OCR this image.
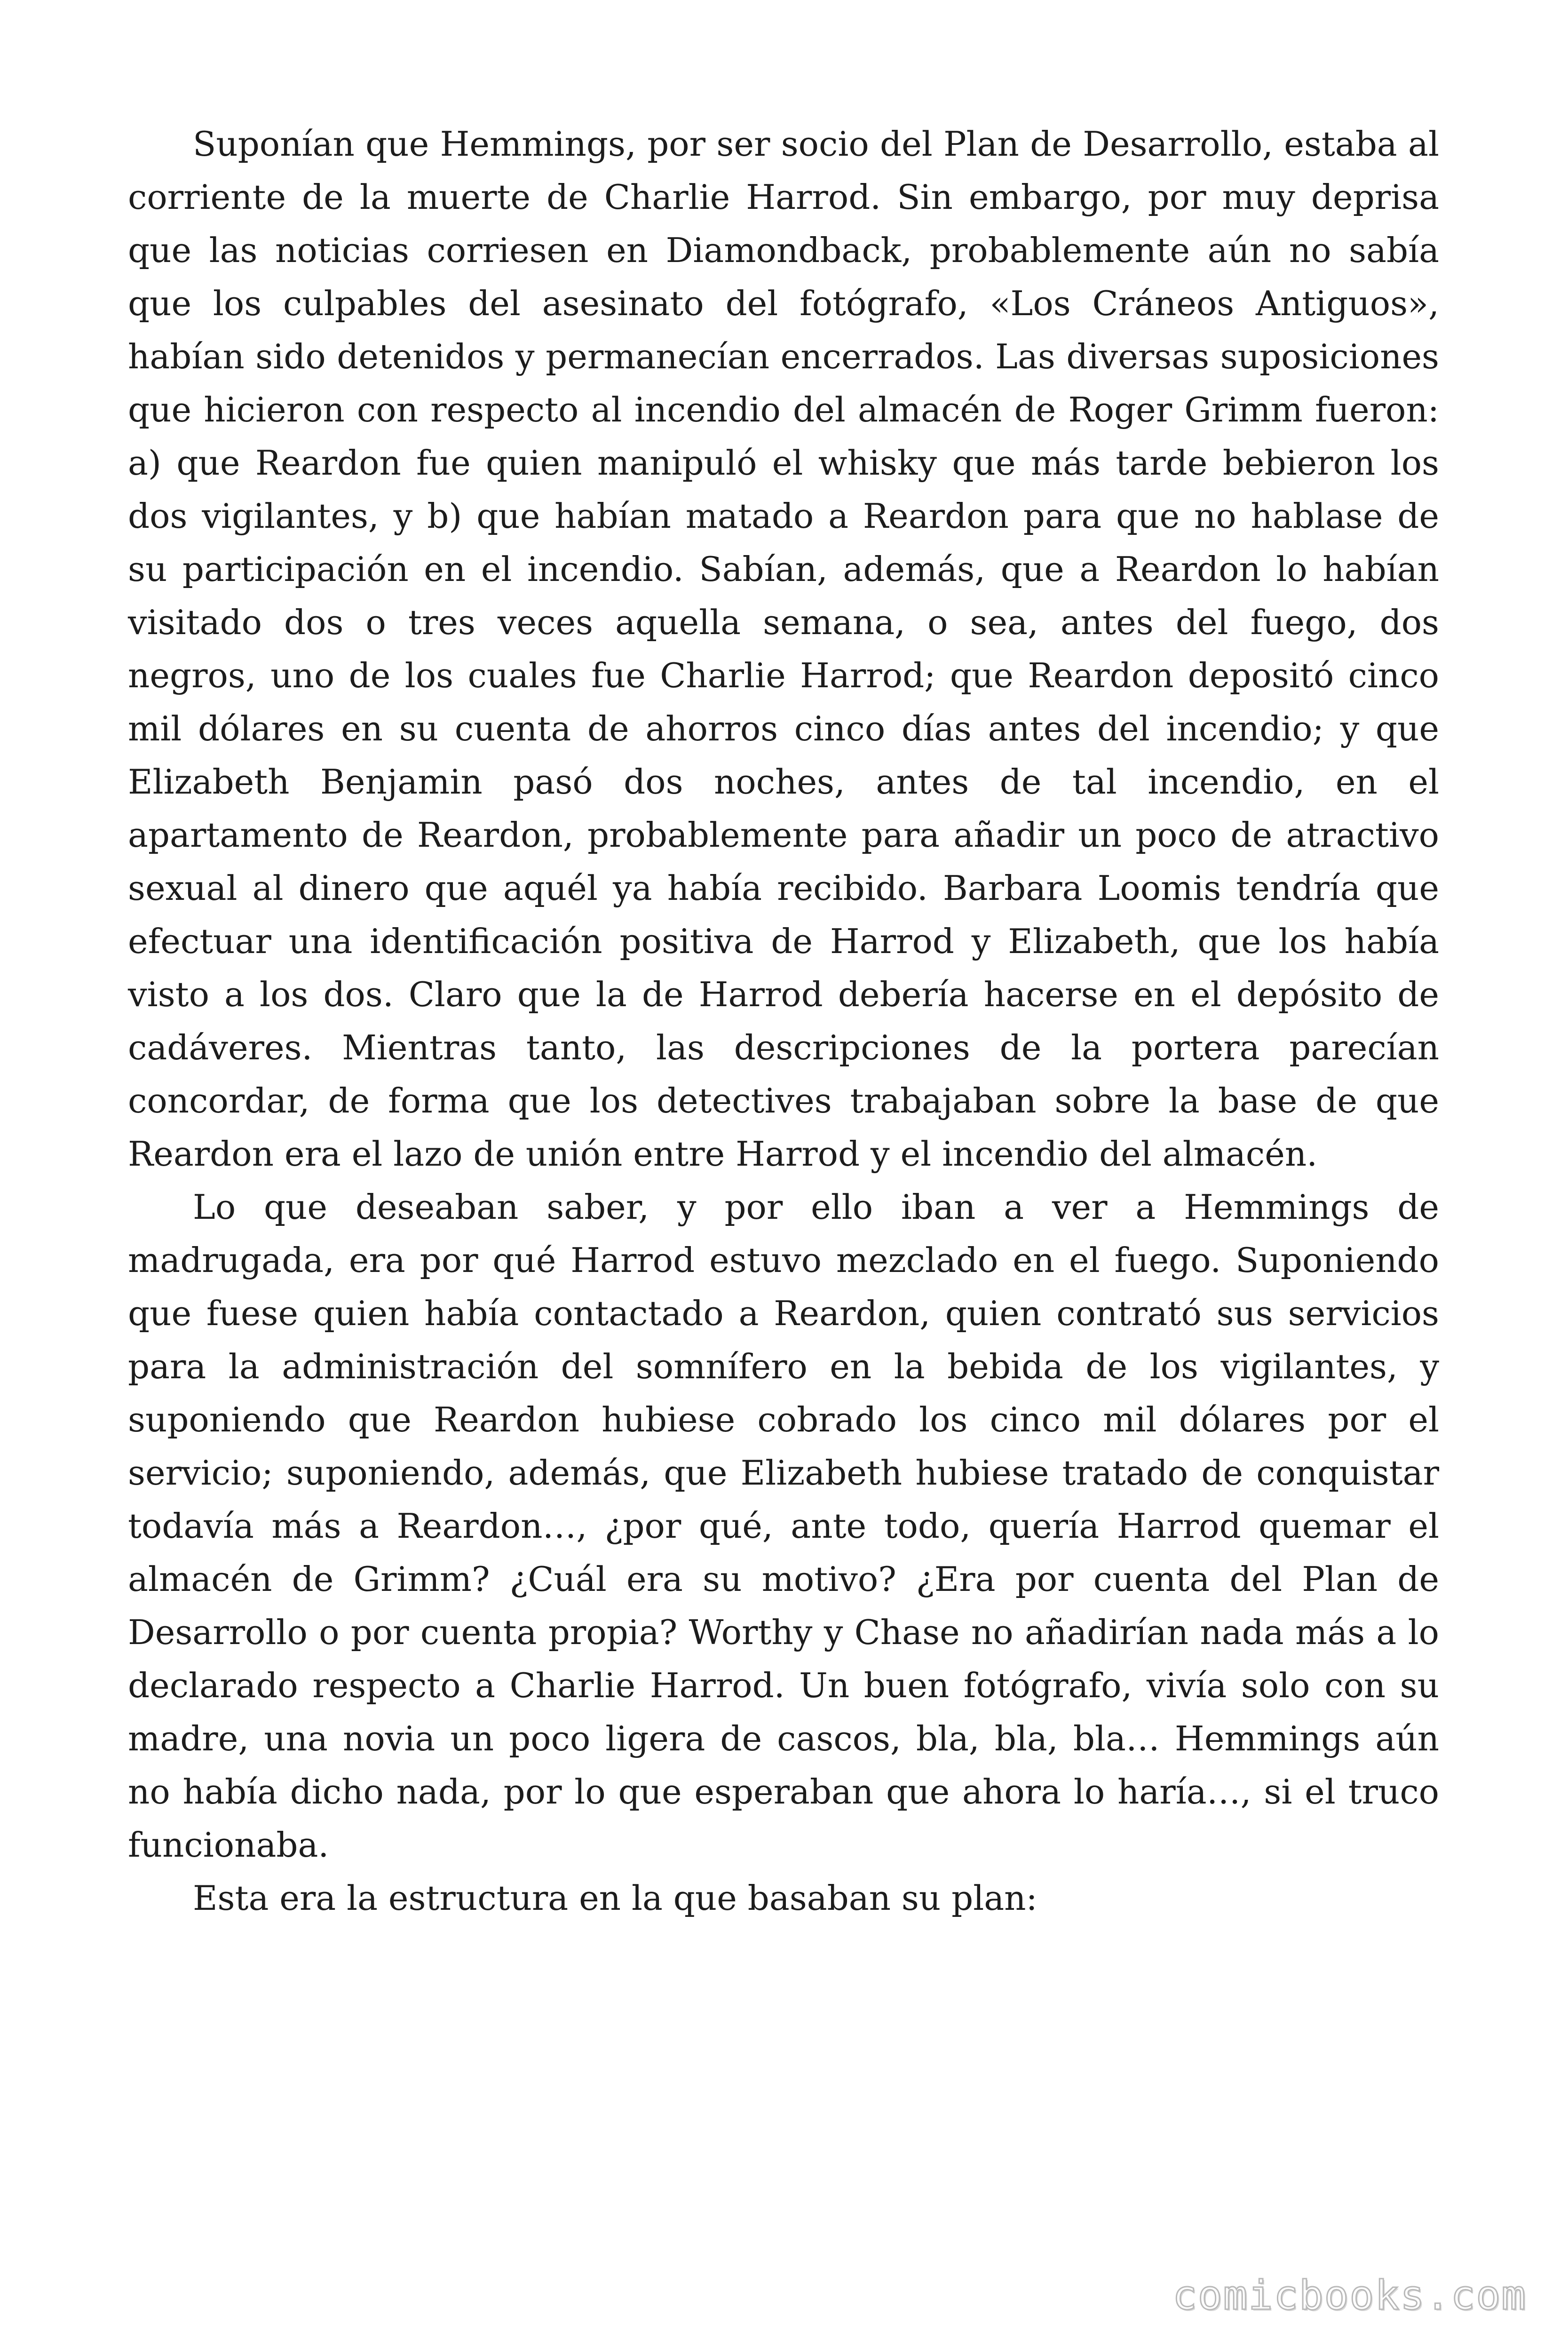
Suponían que Hemmings, por ser socio del Plan de Desarrollo, estaba al corriente de la muerte de Charlie Harrod. Sin embargo, por muy deprisa que las noticias corriesen en Diamondback, probablemente aún no sabía que los culpables del asesinato del fotógrafo, «Los Cráneos Antiguos», habían sido detenidos y permanecían encerrados. Las diversas suposiciones que hicieron con respecto al incendio del almacén de Roger Grimm fueron: a) que Reardon fue quien manipuló el whisky que más tarde bebieron los dos vigilantes, y b) que habían matado a Reardon para que no hablase de su participación en el incendio. Sabían, además, que a Reardon lo habían visitado dos o tres veces aquella semana, o sea, antes del fuego, dos negros, uno de los cuales fue Charlie Harrod; que Reardon depositó cinco mil dólares en su cuenta de ahorros cinco días antes del incendio; y que Elizabeth Benjamin pasó dos noches, antes de tal incendio, en el apartamento de Reardon, probablemente para añadir un poco de atractivo sexual al dinero que aquél ya había recibido. Barbara Loomis tendría que efectuar una identificación positiva de Harrod y Elizabeth, que los había visto a los dos. Claro que la de Harrod debería hacerse en el depósito de cadáveres. Mientras tanto, las descripciones de la portera parecían concordar, de forma que los detectives trabajaban sobre la base de que Reardon era el lazo de unión entre Harrod y el incendio del almacén.

Lo que deseaban saber, y por ello iban a ver a Hemmings de madrugada, era por qué Harrod estuvo mezclado en el fuego. Suponiendo que fuese quien había contactado a Reardon, quien contrató sus servicios para la administración del somnífero en la bebida de los vigilantes, y suponiendo que Reardon hubiese cobrado los cinco mil dólares por el servicio; suponiendo, además, que Elizabeth hubiese tratado de conquistar todavía más a Reardon…, ¿por qué, ante todo, quería Harrod quemar el almacén de Grimm? ¿Cuál era su motivo? ¿Era por cuenta del Plan de Desarrollo o por cuenta propia? Worthy y Chase no añadirían nada más a lo declarado respecto a Charlie Harrod. Un buen fotógrafo, vivía solo con su madre, una novia un poco ligera de cascos, bla, bla, bla… Hemmings aún no había dicho nada, por lo que esperaban que ahora lo haría…, si el truco funcionaba.

Esta era la estructura en la que basaban su plan:

comicbooks.com
